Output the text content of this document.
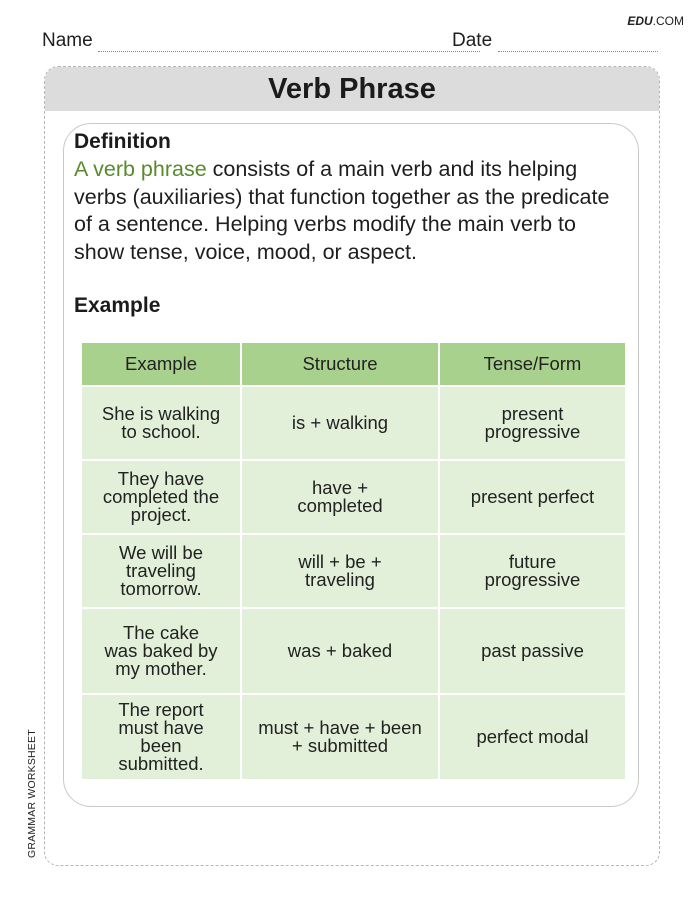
EDU.COM
Name	Date
GRAMMAR WORKSHEET
Verb Phrase
Definition
A verb phrase consists of a main verb and its helping verbs (auxiliaries) that function together as the predicate of a sentence. Helping verbs modify the main verb to show tense, voice, mood, or aspect.
Example
Example	Structure	Tense/Form
She is walking to school.	is + walking	present progressive
They have completed the project.	have + completed	present perfect
We will be traveling tomorrow.	will + be + traveling	future progressive
The cake was baked by my mother.	was + baked	past passive
The report must have been submitted.	must + have + been + submitted	perfect modal
